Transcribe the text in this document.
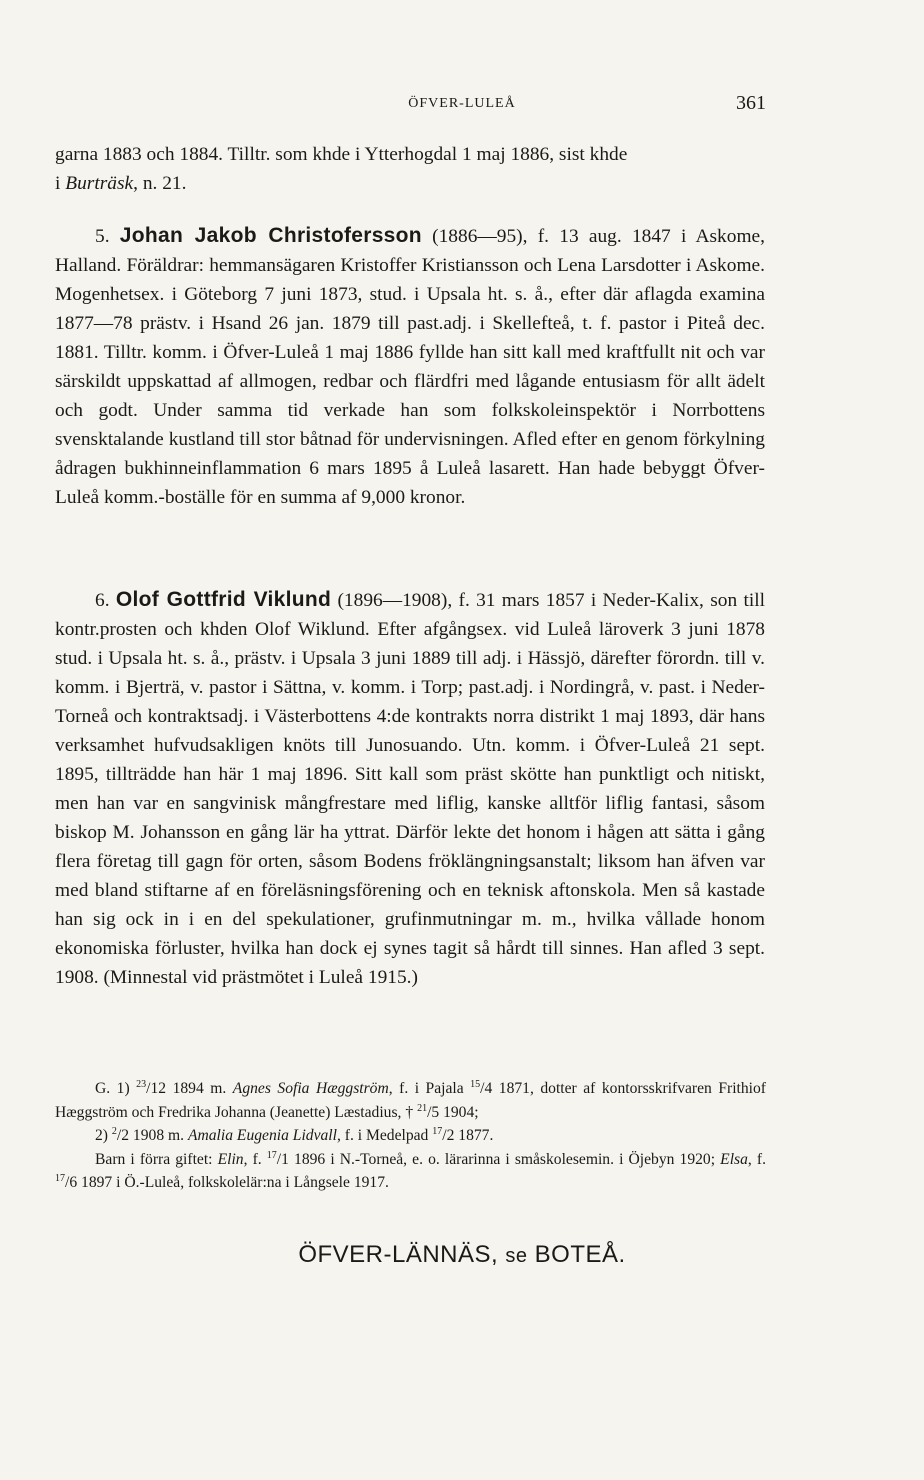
ÖFVER-LULEÅ	361

garna 1883 och 1884. Tilltr. som khde i Ytterhogdal 1 maj 1886, sist khde

i Burträsk, n. 21.

5. Johan Jakob Christofersson (1886—95), f. 13 aug. 1847 i Askome, Halland. Föräldrar: hemmansägaren Kristoffer Kristiansson och Lena Larsdotter i Askome. Mogenhetsex. i Göteborg 7 juni 1873, stud. i Upsala ht. s. å., efter där aflagda examina 1877—78 prästv. i Hsand 26 jan. 1879 till past.adj. i Skellefteå, t. f. pastor i Piteå dec. 1881. Tilltr. komm. i Öfver-Luleå 1 maj 1886 fyllde han sitt kall med kraftfullt nit och var särskildt uppskattad af allmogen, redbar och flärdfri med lågande entusiasm för allt ädelt och godt. Under samma tid verkade han som folkskoleinspektör i Norrbottens svensktalande kustland till stor båtnad för undervisningen. Afled efter en genom förkylning ådragen bukhinneinflammation 6 mars 1895 å Luleå lasarett. Han hade bebyggt Öfver-Luleå komm.-boställe för en summa af 9,000 kronor.

6. Olof Gottfrid Viklund (1896—1908), f. 31 mars 1857 i Neder-Kalix, son till kontr.prosten och khden Olof Wiklund. Efter afgångsex. vid Luleå läroverk 3 juni 1878 stud. i Upsala ht. s. å., prästv. i Upsala 3 juni 1889 till adj. i Hässjö, därefter förordn. till v. komm. i Bjerträ, v. pastor i Sättna, v. komm. i Torp; past.adj. i Nordingrå, v. past. i Neder-Torneå och kontraktsadj. i Västerbottens 4:de kontrakts norra distrikt 1 maj 1893, där hans verksamhet hufvudsakligen knöts till Junosuando. Utn. komm. i Öfver-Luleå 21 sept. 1895, tillträdde han här 1 maj 1896. Sitt kall som präst skötte han punktligt och nitiskt, men han var en sangvinisk mångfrestare med liflig, kanske alltför liflig fantasi, såsom biskop M. Johansson en gång lär ha yttrat. Därför lekte det honom i hågen att sätta i gång flera företag till gagn för orten, såsom Bodens fröklängningsanstalt; liksom han äfven var med bland stiftarne af en föreläsningsförening och en teknisk aftonskola. Men så kastade han sig ock in i en del spekulationer, grufinmutningar m. m., hvilka vållade honom ekonomiska förluster, hvilka han dock ej synes tagit så hårdt till sinnes. Han afled 3 sept. 1908. (Minnestal vid prästmötet i Luleå 1915.)

G. 1) $^{23}$/12 1894 m. Agnes Sofia Hæggström, f. i Pajala $^{15}$/4 1871, dotter af kontorsskrifvaren Frithiof Hæggström och Fredrika Johanna (Jeanette) Læstadius, † $^{21}$/5 1904;

2) $^2$/2 1908 m. Amalia Eugenia Lidvall, f. i Medelpad $^{17}$/2 1877.

Barn i förra giftet: Elin, f. $^{17}$/1 1896 i N.-Torneå, e. o. lärarinna i småskolesemin. i Öjebyn 1920; Elsa, f. $^{17}$/6 1897 i Ö.-Luleå, folkskolelär:na i Långsele 1917.

ÖFVER-LÄNNÄS, se BOTEÅ.
